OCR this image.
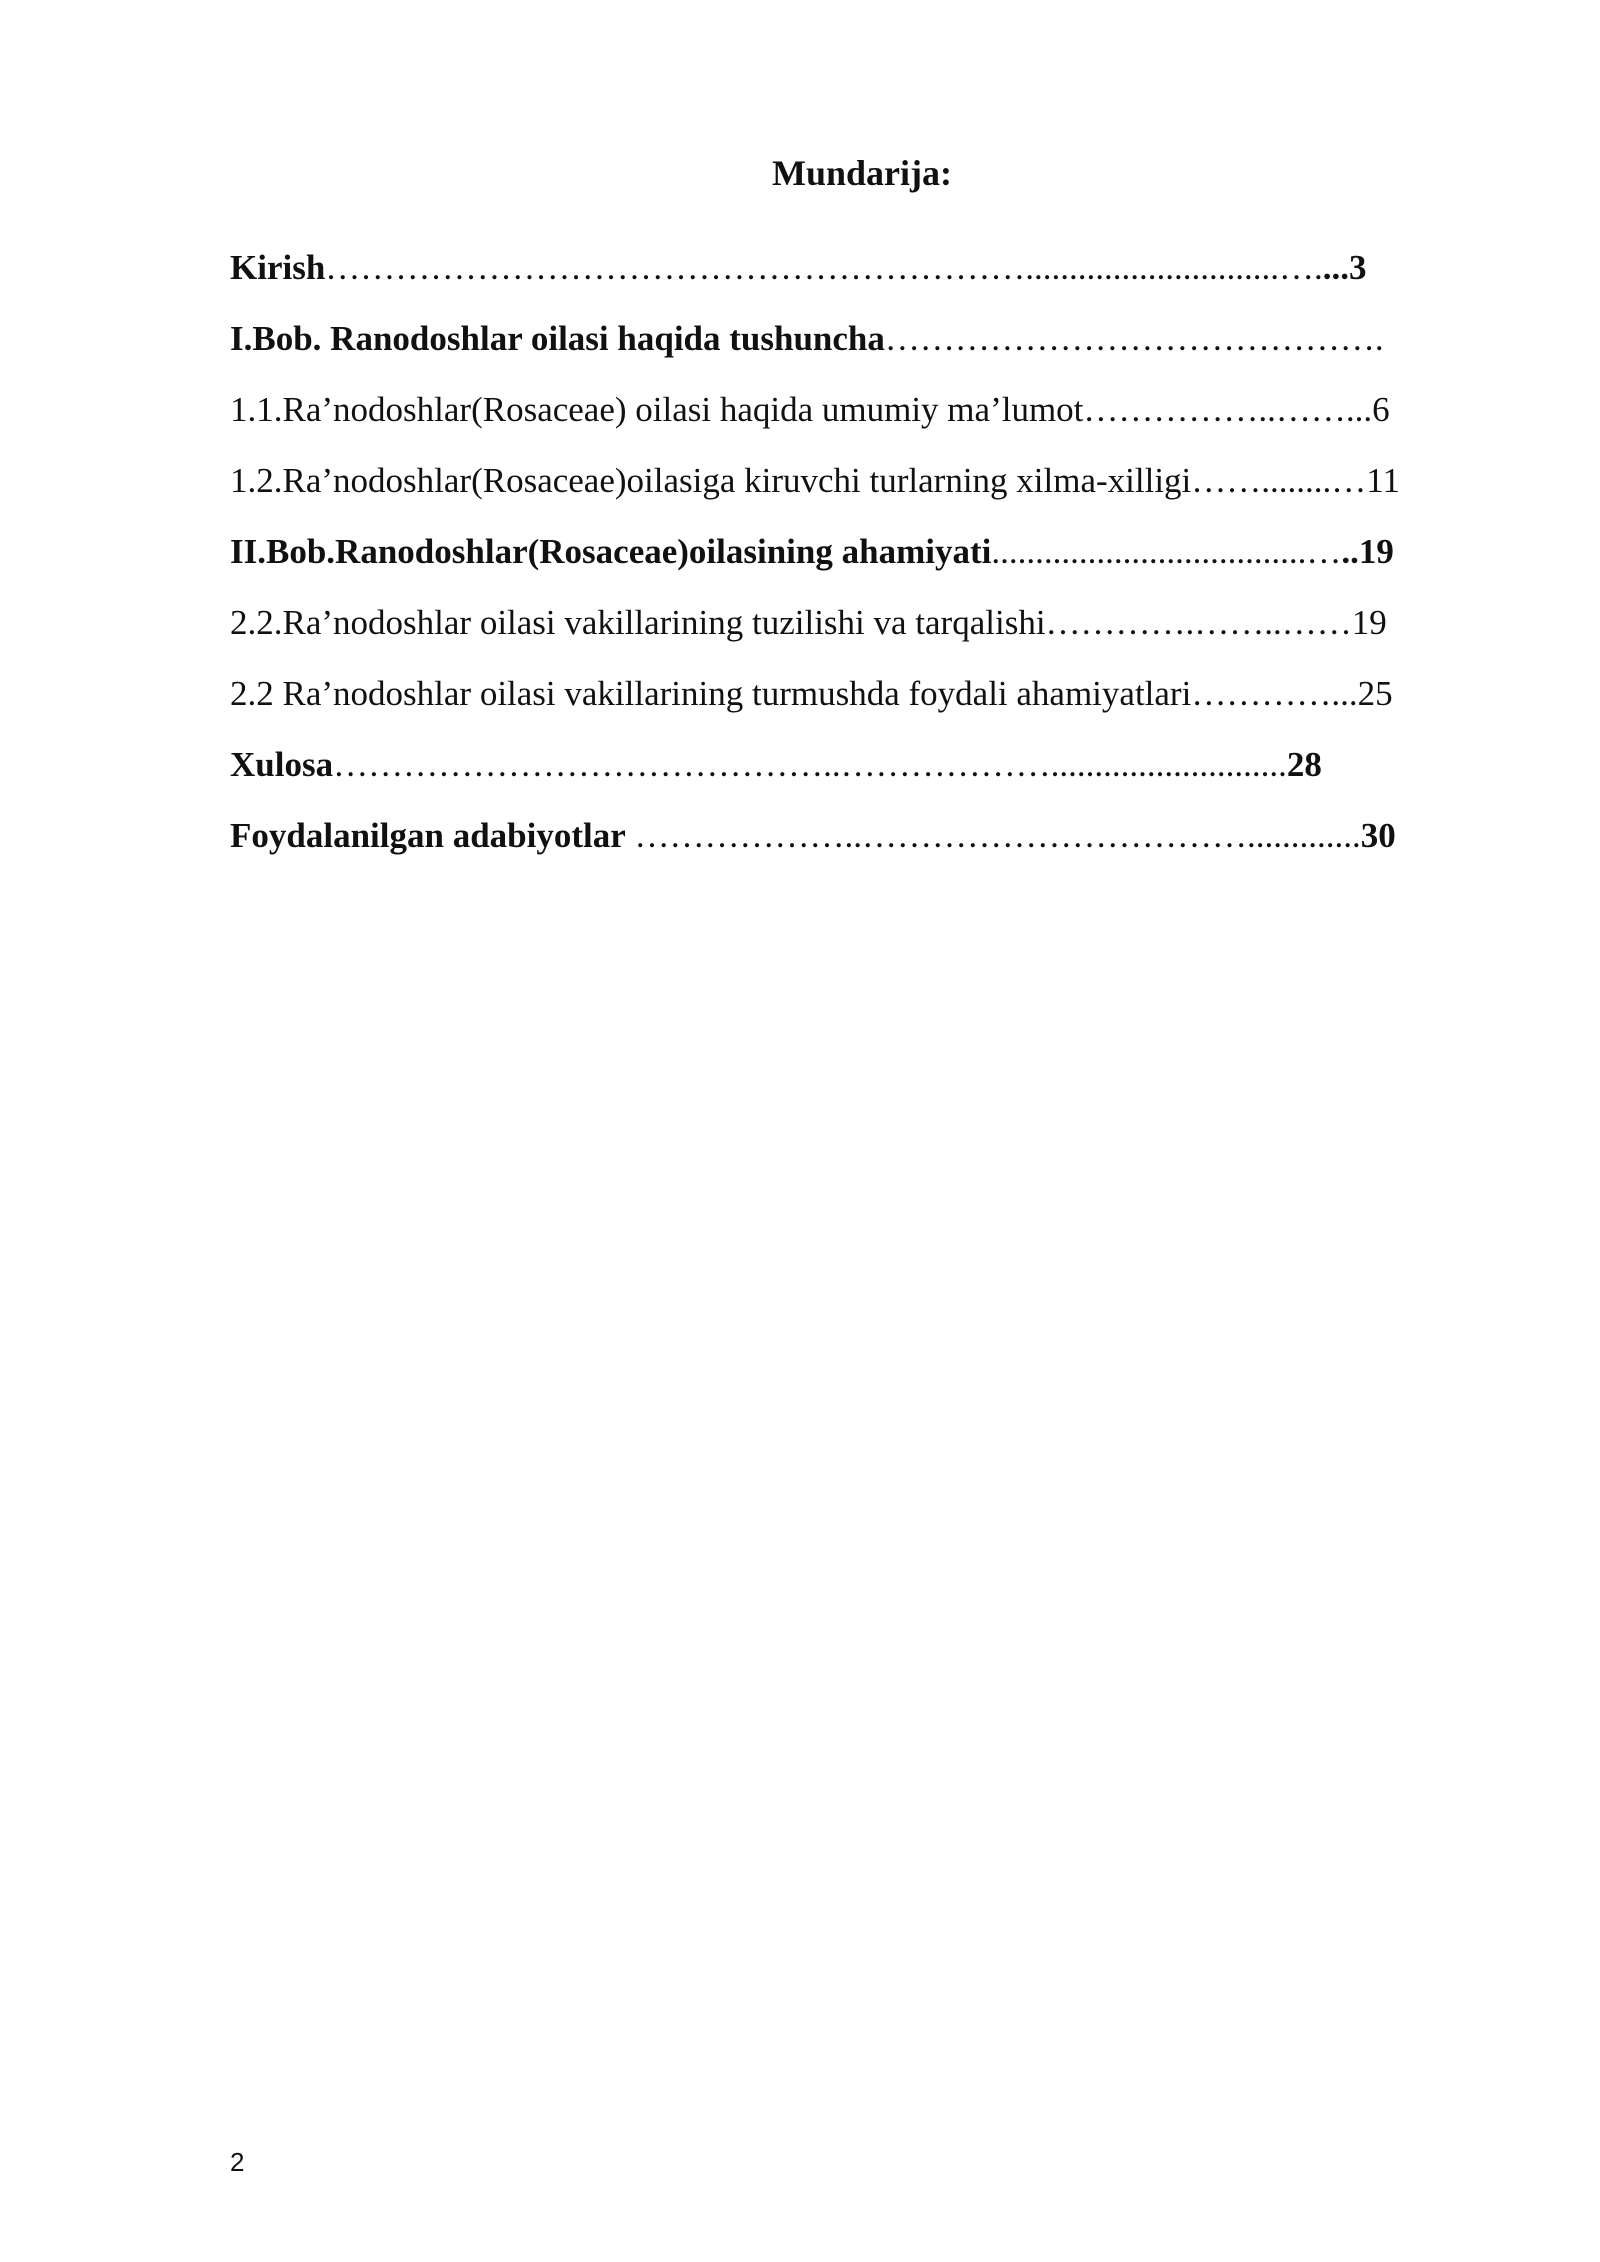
Mundarija:
Kirish…………………………………………………….............................…....3
I.Bob. Ranodoshlar oilasi haqida tushuncha…………………………………….
1.1.Ra’nodoshlar(Rosaceae) oilasi haqida umumiy ma’lumot……………..……...6
1.2.Ra’nodoshlar(Rosaceae)oilasiga kiruvchi turlarning xilma-xilligi……........…11
II.Bob.Ranodoshlar(Rosaceae)oilasining ahamiyati....................................…..19
2.2.Ra’nodoshlar oilasi vakillarining tuzilishi va tarqalishi………….……..……19
2.2 Ra’nodoshlar oilasi vakillarining turmushda foydali ahamiyatlari…………...25
Xulosa……………………………………..………………...........................28
Foydalanilgan adabiyotlar ………………..…………………………….............30
2
